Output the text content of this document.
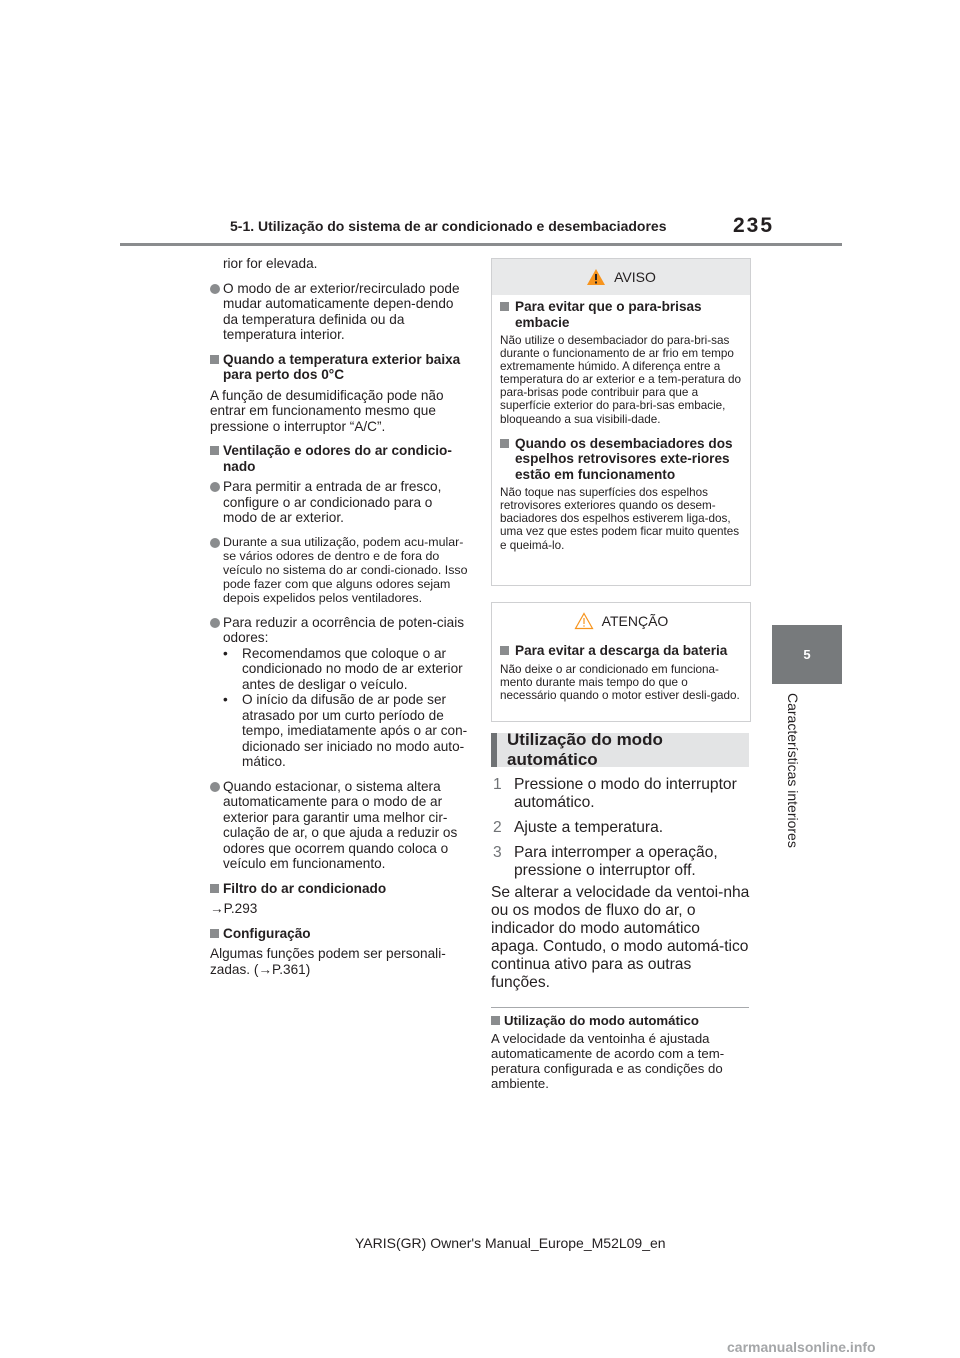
5-1. Utilização do sistema de ar condicionado e desembaciadores	235
5
Características interiores
rior for elevada.
O modo de ar exterior/recirculado pode mudar automaticamente depen-dendo da temperatura definida ou da temperatura interior.
Quando a temperatura exterior baixa para perto dos 0°C
A função de desumidificação pode não entrar em funcionamento mesmo que pressione o interruptor “A/C”.
Ventilação e odores do ar condicio-nado
Para permitir a entrada de ar fresco, configure o ar condicionado para o modo de ar exterior.
Durante a sua utilização, podem acu-mular-se vários odores de dentro e de fora do veículo no sistema do ar condi-cionado. Isso pode fazer com que alguns odores sejam depois expelidos pelos ventiladores.
Para reduzir a ocorrência de poten-ciais odores:
• Recomendamos que coloque o ar condicionado no modo de ar exterior antes de desligar o veículo.
• O início da difusão de ar pode ser atrasado por um curto período de tempo, imediatamente após o ar con-dicionado ser iniciado no modo auto-mático.
Quando estacionar, o sistema altera automaticamente para o modo de ar exterior para garantir uma melhor cir-culação de ar, o que ajuda a reduzir os odores que ocorrem quando coloca o veículo em funcionamento.
Filtro do ar condicionado
→P.293
Configuração
Algumas funções podem ser personali-zadas. (→P.361)
AVISO
Para evitar que o para-brisas embacie
Não utilize o desembaciador do para-bri-sas durante o funcionamento de ar frio em tempo extremamente húmido. A diferença entre a temperatura do ar exterior e a tem-peratura do para-brisas pode contribuir para que a superfície exterior do para-bri-sas embacie, bloqueando a sua visibili-dade.
Quando os desembaciadores dos espelhos retrovisores exte-riores estão em funcionamento
Não toque nas superfícies dos espelhos retrovisores exteriores quando os desem-baciadores dos espelhos estiverem liga-dos, uma vez que estes podem ficar muito quentes e queimá-lo.
ATENÇÃO
Para evitar a descarga da bateria
Não deixe o ar condicionado em funciona-mento durante mais tempo do que o necessário quando o motor estiver desli-gado.
Utilização do modo automático
1 Pressione o modo do interruptor automático.
2 Ajuste a temperatura.
3 Para interromper a operação, pressione o interruptor off.
Se alterar a velocidade da ventoi-nha ou os modos de fluxo do ar, o indicador do modo automático apaga. Contudo, o modo automá-tico continua ativo para as outras funções.
Utilização do modo automático
A velocidade da ventoinha é ajustada automaticamente de acordo com a tem-peratura configurada e as condições do ambiente.
YARIS(GR) Owner's Manual_Europe_M52L09_en
carmanualsonline.info
